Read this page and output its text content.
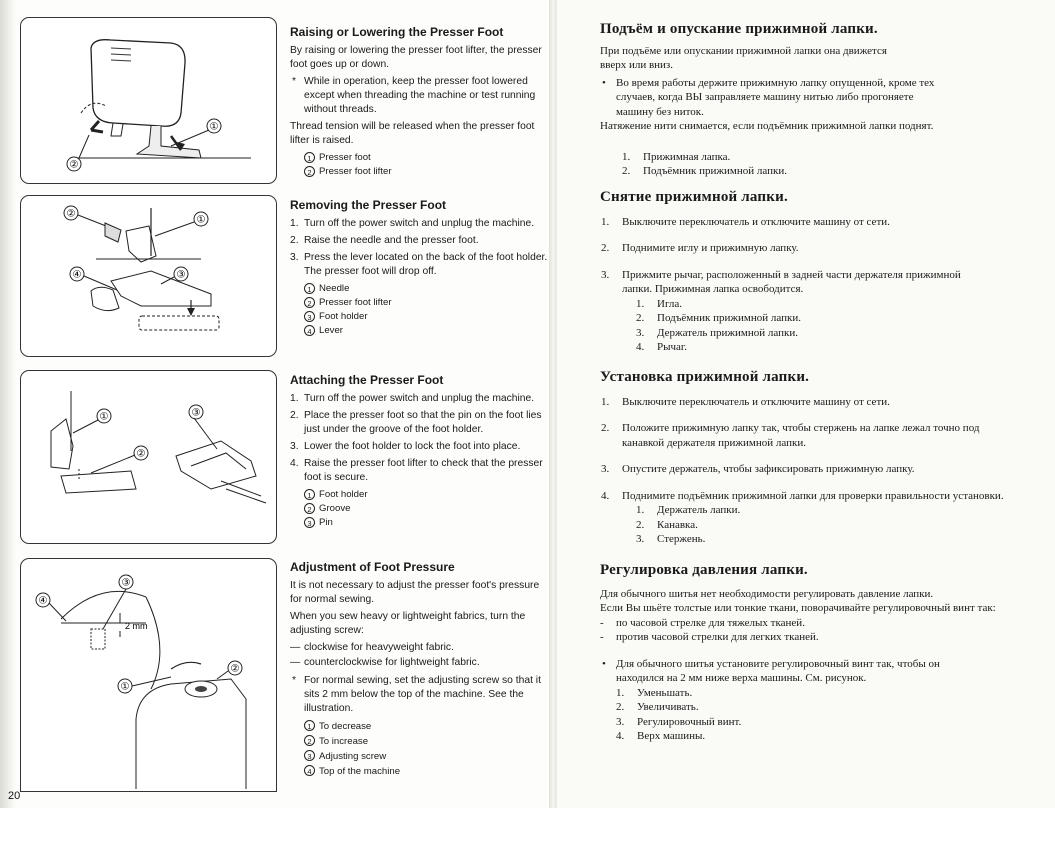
①
②
②
①
④	③
①	③
②
③
④
2 mm
①
②
Raising or Lowering the Presser Foot

By raising or lowering the presser foot lifter, the presser foot goes up or down.

* While in operation, keep the presser foot lowered except when threading the machine or test running without threads.

Thread tension will be released when the presser foot lifter is raised.

1 Presser foot
2 Presser foot lifter
Removing the Presser Foot
1. Turn off the power switch and unplug the machine.
2. Raise the needle and the presser foot.
3. Press the lever located on the back of the foot holder. The presser foot will drop off.
1 Needle
2 Presser foot lifter
3 Foot holder
4 Lever
Attaching the Presser Foot
1. Turn off the power switch and unplug the machine.
2. Place the presser foot so that the pin on the foot lies just under the groove of the foot holder.
3. Lower the foot holder to lock the foot into place.
4. Raise the presser foot lifter to check that the presser foot is secure.
1 Foot holder
2 Groove
3 Pin
Adjustment of Foot Pressure

It is not necessary to adjust the presser foot's pressure for normal sewing.

When you sew heavy or lightweight fabrics, turn the adjusting screw:

— clockwise for heavyweight fabric.
— counterclockwise for lightweight fabric.
* For normal sewing, set the adjusting screw so that it sits 2 mm below the top of the machine. See the illustration.
1 To decrease
2 To increase
3 Adjusting screw
4 Top of the machine
20
Подъём и опускание прижимной лапки.

При подъёме или опускании прижимной лапки она движется вверх или вниз.

• Во время работы держите прижимную лапку опущенной, кроме тех случаев, когда ВЫ заправляете машину нитью либо прогоняете машину без ниток.

Натяжение нити снимается, если подъёмник прижимной лапки поднят.

1. Прижимная лапка.
2. Подъёмник прижимной лапки.
Снятие прижимной лапки.
1. Выключите переключатель и отключите машину от сети.
2. Поднимите иглу и прижимную лапку.
3. Прижмите рычаг, расположенный в задней части держателя прижимной лапки. Прижимная лапка освободится.
1. Игла.
2. Подъёмник прижимной лапки.
3. Держатель прижимной лапки.
4. Рычаг.
Установка прижимной лапки.
1. Выключите переключатель и отключите машину от сети.
2. Положите прижимную лапку так, чтобы стержень на лапке лежал точно под канавкой держателя прижимной лапки.
3. Опустите держатель, чтобы зафиксировать прижимную лапку.
4. Поднимите подъёмник прижимной лапки для проверки правильности установки.
1. Держатель лапки.
2. Канавка.
3. Стержень.
Регулировка давления лапки.

Для обычного шитья нет необходимости регулировать давление лапки.

Если Вы шьёте толстые или тонкие ткани, поворачивайте регулировочный винт так:

- по часовой стрелке для тяжелых тканей.
- против часовой стрелки для легких тканей.
• Для обычного шитья установите регулировочный винт так, чтобы он находился на 2 мм ниже верха машины. См. рисунок.
1. Уменьшать.
2. Увеличивать.
3. Регулировочный винт.
4. Верх машины.
